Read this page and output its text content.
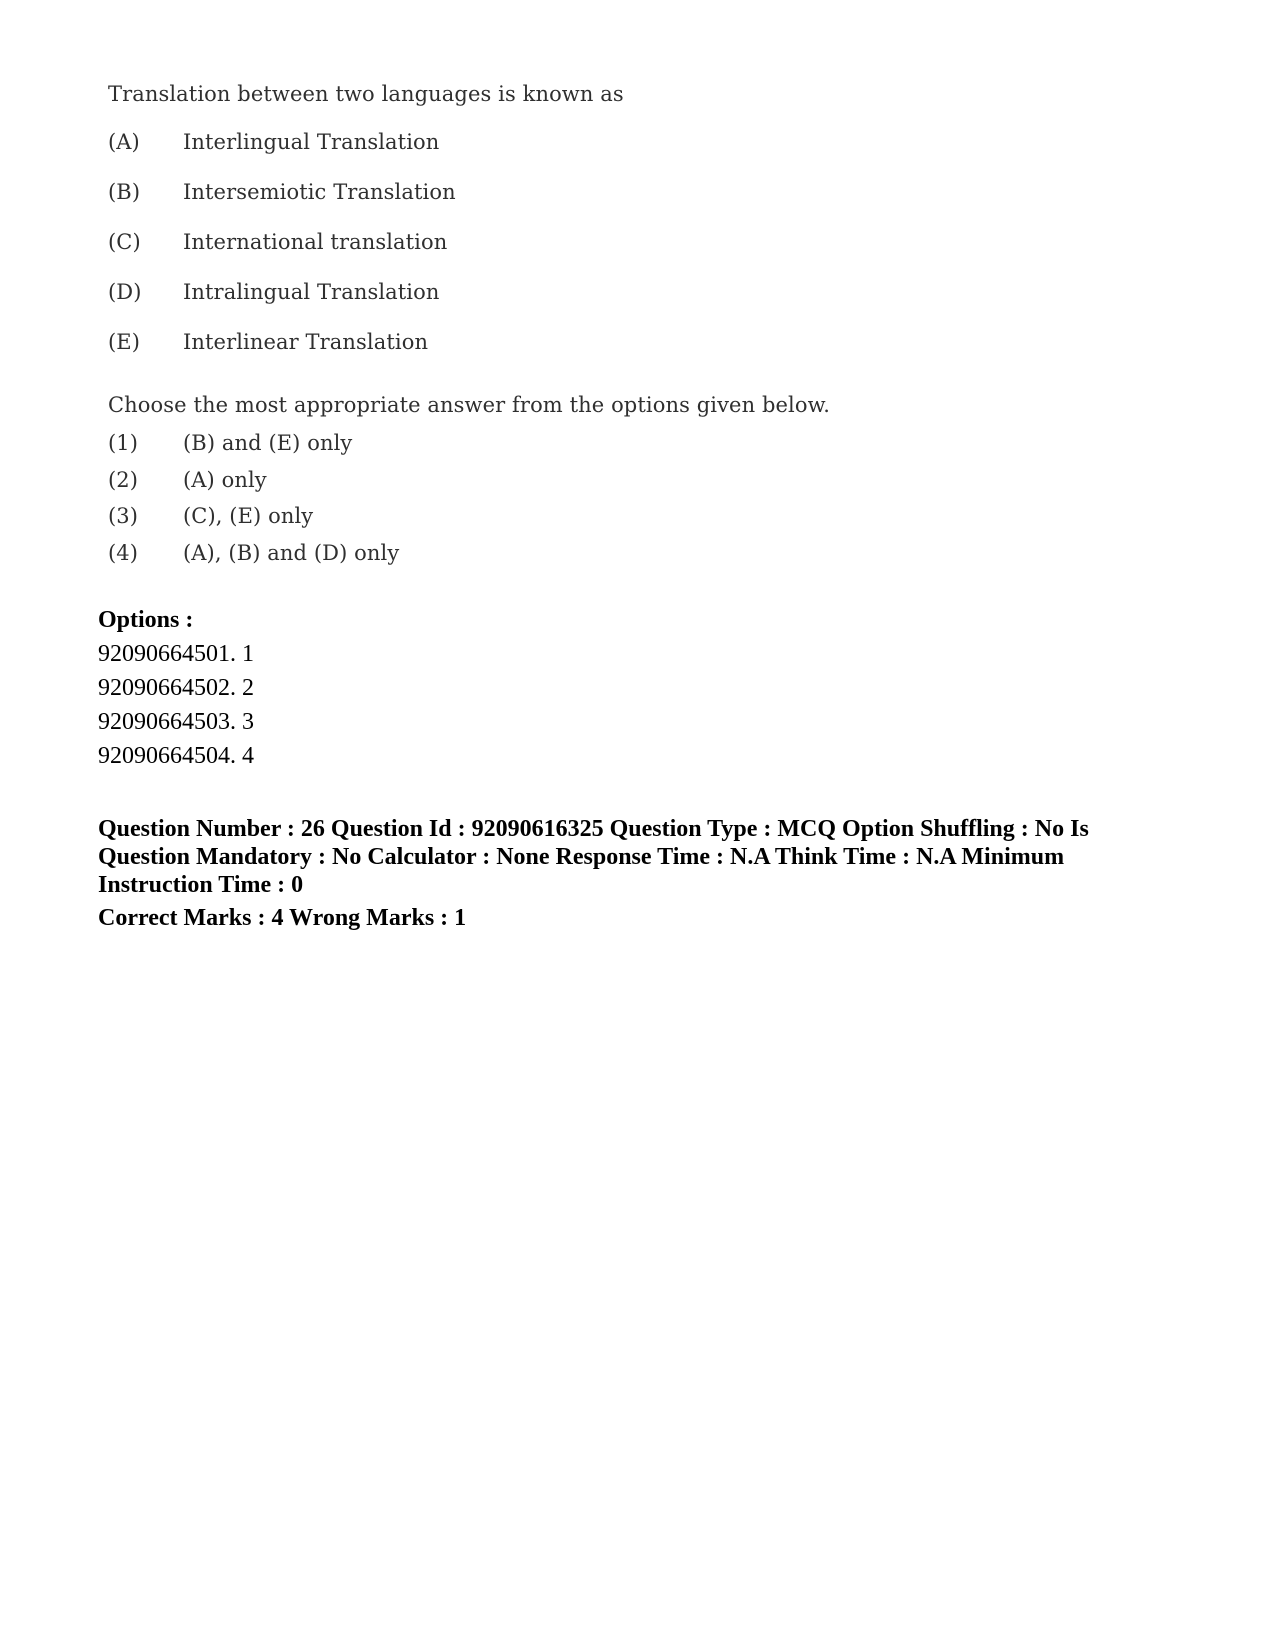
Translation between two languages is known as
(A)	Interlingual Translation
(B)	Intersemiotic Translation
(C)	International translation
(D)	Intralingual Translation
(E)	Interlinear Translation
Choose the most appropriate answer from the options given below.
(1)	(B) and (E) only
(2)	(A) only
(3)	(C), (E) only
(4)	(A), (B) and (D) only
Options :
92090664501. 1
92090664502. 2
92090664503. 3
92090664504. 4
Question Number : 26 Question Id : 92090616325 Question Type : MCQ Option Shuffling : No Is
Question Mandatory : No Calculator : None Response Time : N.A Think Time : N.A Minimum
Instruction Time : 0
Correct Marks : 4 Wrong Marks : 1
